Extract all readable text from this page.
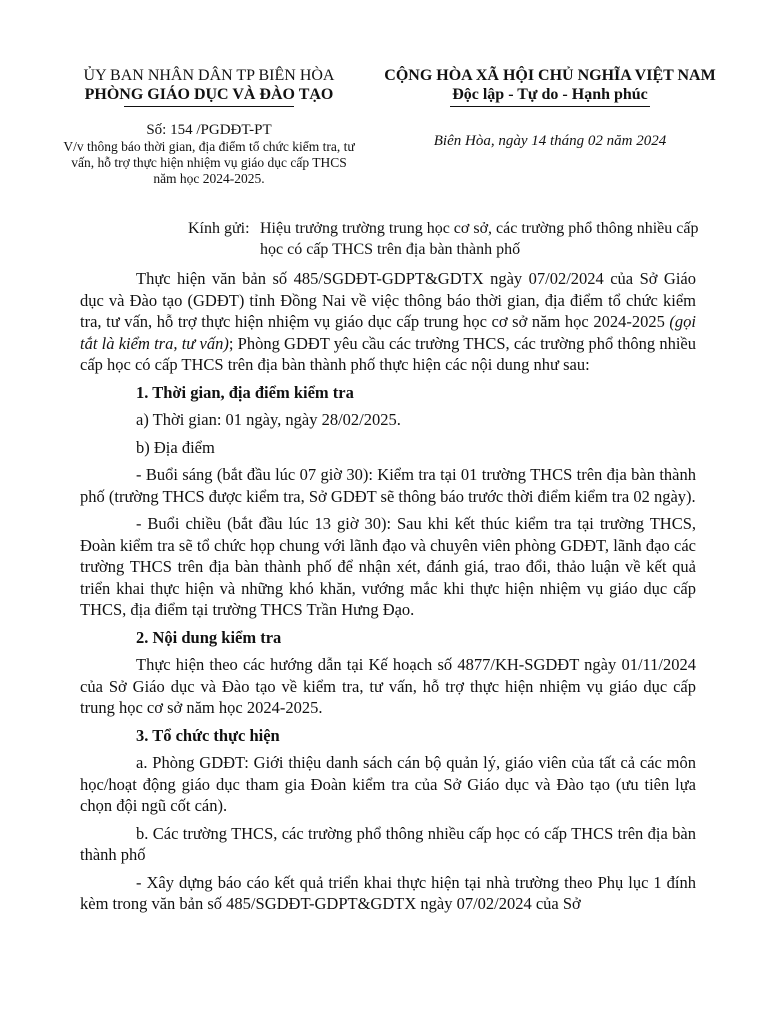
ỦY BAN NHÂN DÂN TP BIÊN HÒA
PHÒNG GIÁO DỤC VÀ ĐÀO TẠO
Số: 154 /PGDĐT-PT
V/v thông báo thời gian, địa điểm tổ chức kiểm tra, tư vấn, hỗ trợ thực hiện nhiệm vụ giáo dục cấp THCS năm học 2024-2025.
CỘNG HÒA XÃ HỘI CHỦ NGHĨA VIỆT NAM
Độc lập - Tự do - Hạnh phúc
Biên Hòa, ngày 14 tháng 02 năm 2024
Kính gửi: Hiệu trưởng trường trung học cơ sở, các trường phổ thông nhiều cấp học có cấp THCS trên địa bàn thành phố

Thực hiện văn bản số 485/SGDĐT-GDPT&GDTX ngày 07/02/2024 của Sở Giáo dục và Đào tạo (GDĐT) tỉnh Đồng Nai về việc thông báo thời gian, địa điểm tổ chức kiểm tra, tư vấn, hỗ trợ thực hiện nhiệm vụ giáo dục cấp trung học cơ sở năm học 2024-2025 (gọi tắt là kiểm tra, tư vấn); Phòng GDĐT yêu cầu các trường THCS, các trường phổ thông nhiều cấp học có cấp THCS trên địa bàn thành phố thực hiện các nội dung như sau:

1. Thời gian, địa điểm kiểm tra

a) Thời gian: 01 ngày, ngày 28/02/2025.

b) Địa điểm

- Buổi sáng (bắt đầu lúc 07 giờ 30): Kiểm tra tại 01 trường THCS trên địa bàn thành phố (trường THCS được kiểm tra, Sở GDĐT sẽ thông báo trước thời điểm kiểm tra 02 ngày).

- Buổi chiều (bắt đầu lúc 13 giờ 30): Sau khi kết thúc kiểm tra tại trường THCS, Đoàn kiểm tra sẽ tổ chức họp chung với lãnh đạo và chuyên viên phòng GDĐT, lãnh đạo các trường THCS trên địa bàn thành phố để nhận xét, đánh giá, trao đổi, thảo luận về kết quả triển khai thực hiện và những khó khăn, vướng mắc khi thực hiện nhiệm vụ giáo dục cấp THCS, địa điểm tại trường THCS Trần Hưng Đạo.

2. Nội dung kiểm tra

Thực hiện theo các hướng dẫn tại Kế hoạch số 4877/KH-SGDĐT ngày 01/11/2024 của Sở Giáo dục và Đào tạo về kiểm tra, tư vấn, hỗ trợ thực hiện nhiệm vụ giáo dục cấp trung học cơ sở năm học 2024-2025.

3. Tổ chức thực hiện

a. Phòng GDĐT: Giới thiệu danh sách cán bộ quản lý, giáo viên của tất cả các môn học/hoạt động giáo dục tham gia Đoàn kiểm tra của Sở Giáo dục và Đào tạo (ưu tiên lựa chọn đội ngũ cốt cán).

b. Các trường THCS, các trường phổ thông nhiều cấp học có cấp THCS trên địa bàn thành phố

- Xây dựng báo cáo kết quả triển khai thực hiện tại nhà trường theo Phụ lục 1 đính kèm trong văn bản số 485/SGDĐT-GDPT&GDTX ngày 07/02/2024 của Sở
